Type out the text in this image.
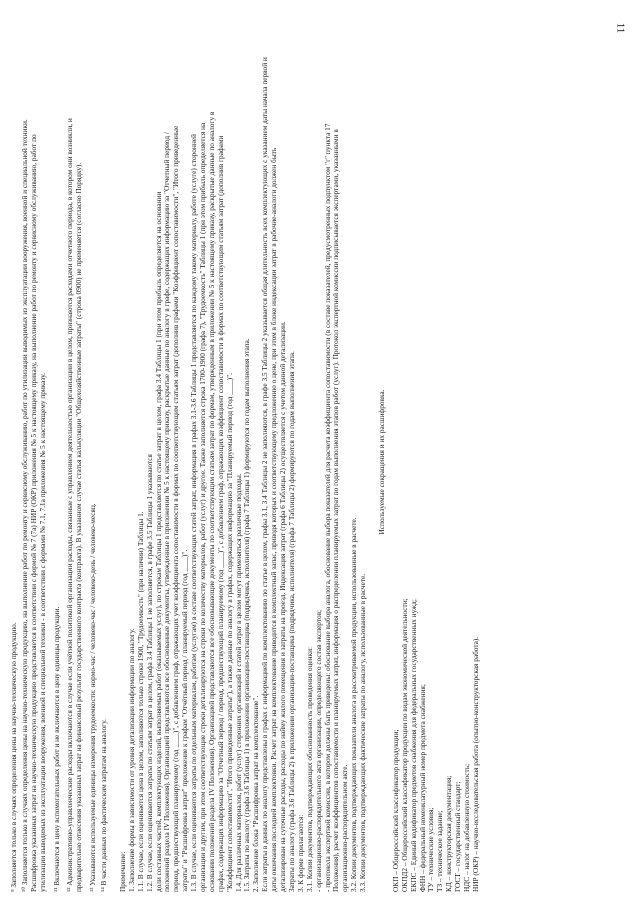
11
⁹ Заполняется только в случаях определения цены на научно-техническую продукцию. ¹⁰ Заполняется только в случаях определения цены на научно-техническую продукцию, на выполнение работ по ремонту и сервисному обслуживанию, работ по утилизации выводимых из эксплуатации вооружения, военной и специальной техники. Расшифровка указанных затрат на научно-техническую продукцию представляется в соответствии с формой № 7 (7а) НИР (ОКР) приложения № 5 к настоящему приказу, на выполнение работ по ремонту и сервисному обслуживанию, работ по утилизации выводимых из эксплуатации вооружения, военной и специальной техники - в соответствии с формами № 7.1, 7.1а приложения № 5 к настоящему приказу. ¹¹ Включаются в цену вспомогательных работ и не включаются в цену единицы продукции. ¹² Административно-управленческие расходы включаются в случае если учётной политикой организации расходы, связанные с управлением деятельностью организации в целом, признаются расходами отчетного периода, в котором они возникли, и предварительно отнесения указанных затрат на финансовый результат государственного контракта (контракта). В указанном случае статья калькуляции "Общехозяйственные затраты" (строка 0900) не применяется (согласно Порядку). ¹³ Указываются используемые единицы измерения трудоемкости: нормо-час / человеко-час / человеко-день / человеко-месяц. ¹⁴ В части данных по фактическим затратам на аналогу. Примечание: 1. Заполнение формы в зависимости от уровня детализации информации по аналогу. 1.1. В случае, если оценивается цена в целом, заполняются только строки 1900, "Трудоемкость" (при наличии) Таблицы 1. 1.2. В случае, если оцениваются затраты по статьям затрат в целом, графа 3.4 Таблицы 1 не заполняется, в графе 3.5 Таблицы 1 указываются доли составных частей, комплектующих изделий, выполняемых работ (оказываемых услуг), по строкам Таблицы 1 представляется по статье затрат в целом, графа 3.4 Таблицы 1 (при этом прибыль определяется на основании положений раздела IV Положения). Организацией представляются все обоснованные документы, утвержденные в приложении № 5 к настоящему приказу, раскрытые данные по аналогу в графе, содержащих информацию за "Отчетный период / период, предшествующий планируемому (год ____)", с добавлением граф, отражающих учет коэффициента сопоставимости в формах по соответствующим статьям затрат (дополнив графами "Коэффициент сопоставимости", "Итого приведенные затраты" и "Расшифровка затрат" приложение к графам "Отчётный период / планируемый период (год ____)". 1.3. В случае, если оцениваются затраты по отдельным материалам, работам (услугам) в составе соответствующих статей затрат, информация в графах 3.1-3.6 Таблицы 1 представляется по каждому такому материалу, работе (услуге) сторонней организации и другим, при этом соответствующие строки детализируются на строки по количеству материалов, работ (услуг) и другое. Также заполняется строка 1700-1900 (графа 7), "Трудоемкость" Таблицы 1 (при этом прибыль определяется на основании положений раздела IV Положения). Организацией представляются все обосновывающие документы по соответствующим статьям затрат по формам, утвержденным в приложении № 5 к настоящему приказу, раскрытые данные по аналогу в графах, содержащих информацию за "Отчетный период / период, предшествующий планируемому (год ____)", с добавлением граф, отражающих коэффициент сопоставимости в формах по соответствующим статьям затрат (дополнив графами "Коэффициент сопоставимости", "Итого приведенные затраты"), а также данные по аналогу в графах, содержащих информацию за "Планируемый период (год ____)". 1.4. Для различных материалов, работ (услуг) сторонних организаций и статей затрат в целом могут применяться различные подходы. 1.5. Затраты по аналогу (графа 3.6 Таблицы 1) в приложении организации-поставщика (подрядчика, исполнителя) (графа 7 Таблицы 1) формируются по годам выполнения этапа. 2. Заполнение блока "Расшифровка затрат на комплектование". Если затраты в данных по аналогу представлены в графах с информацией по комплектованию по статье в целом, графы 3.1, 3.4 Таблицы 2 не заполняются, в графе 3.5 Таблицы 2 указывается общая длительность всех комплектующих с указанием даты начала первой и даты окончания последней комплектовки. Расчет затрат на комплектование приводится в комплектный запас, приводя которых и соответствующему предложению о цене, при этом в блоке индексации затрат в рабочие-аналоги должен быть детализирован на суточные расходы, расходы по найму жилого помещения и затраты на проезд. Индексация затрат (графа 6 Таблицы 2) осуществляется с учетом данной детализации. Затраты по аналогу (графа 3.6 Таблицы 2) в приложении организации-поставщика (подрядчика, исполнителя) (графа 7 Таблицы 2) формируются по годам выполнения этапа. 3. К форме прилагаются: 3.1. Копии документов, подтверждающих обоснованность проведения оценки: - организационно-распорядительного акта организации, определяющего состав экспертов; - протокола экспертной комиссии, в котором должны быть приведены: обоснование выбора аналога, обоснование выбора показателей для расчета коэффициента сопоставимости (в составе показателей, предусмотренных подпунктом "г" пункта 17 Положения), расчет коэффициентов сопоставимости и планируемых затрат, информация о распределении планируемых затрат по годам выполнения этапов работ (услуг). Протокол экспертной комиссии подписывается экспертами, указанными в организационно-распорядительном акте. 3.2. Копии документов, подтверждающих показатели аналога и рассматриваемой продукции, использованные в расчете. 3.3. Копии документов, подтверждающих фактические затраты по аналогу, использованные в расчете.
Используемые сокращения и их расшифровка.
ОКП – Общероссийский классификатор продукции; ОКПД2 – Общероссийский классификатор продукции по видам экономической деятельности; ЕКПС – Единый кодификатор предметов снабжения для федеральных государственных нужд; ФНН – федеральный номенклатурный номер предмета снабжения; ТУ – технические условия; ТЗ – техническое задание; КД – конструкторская документация; ГОСТ – государственный стандарт; НДС – налог на добавленную стоимость; НИР (ОКР) – научно-исследовательская работа (опытно-конструкторская работа).
